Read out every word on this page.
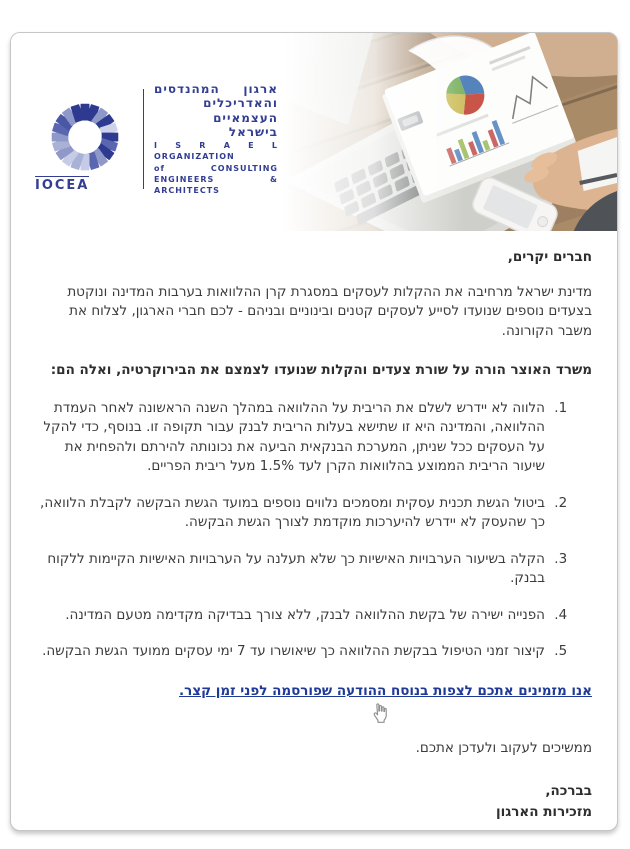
IOCEA
ארגון המהנדסים
והאדריכלים
העצמאיים
בישראל
I S R A E L
ORGANIZATION
of CONSULTING
ENGINEERS & ARCHITECTS

חברים יקרים,

מדינת ישראל מרחיבה את ההקלות לעסקים במסגרת קרן ההלוואות בערבות המדינה ונוקטת בצעדים נוספים שנועדו לסייע לעסקים קטנים ובינוניים ובניהם - לכם חברי הארגון, לצלוח את משבר הקורונה.

משרד האוצר הורה על שורת צעדים והקלות שנועדו לצמצם את הבירוקרטיה, ואלה הם:

1. הלווה לא יידרש לשלם את הריבית על ההלוואה במהלך השנה הראשונה לאחר העמדת ההלוואה, והמדינה היא זו שתישא בעלות הריבית לבנק עבור תקופה זו. בנוסף, כדי להקל על העסקים ככל שניתן, המערכת הבנקאית הביעה את נכונותה להירתם ולהפחית את שיעור הריבית הממוצע בהלוואות הקרן לעד 1.5% מעל ריבית הפריים.
2. ביטול הגשת תכנית עסקית ומסמכים נלווים נוספים במועד הגשת הבקשה לקבלת הלוואה, כך שהעסק לא יידרש להיערכות מוקדמת לצורך הגשת הבקשה.
3. הקלה בשיעור הערבויות האישיות כך שלא תעלנה על הערבויות האישיות הקיימות ללקוח בבנק.
4. הפנייה ישירה של בקשת ההלוואה לבנק, ללא צורך בבדיקה מקדימה מטעם המדינה.
5. קיצור זמני הטיפול בבקשת ההלוואה כך שיאושרו עד 7 ימי עסקים ממועד הגשת הבקשה.
אנו מזמינים אתכם לצפות בנוסח ההודעה שפורסמה לפני זמן קצר.

ממשיכים לעקוב ולעדכן אתכם.

בברכה,

מזכירות הארגון
